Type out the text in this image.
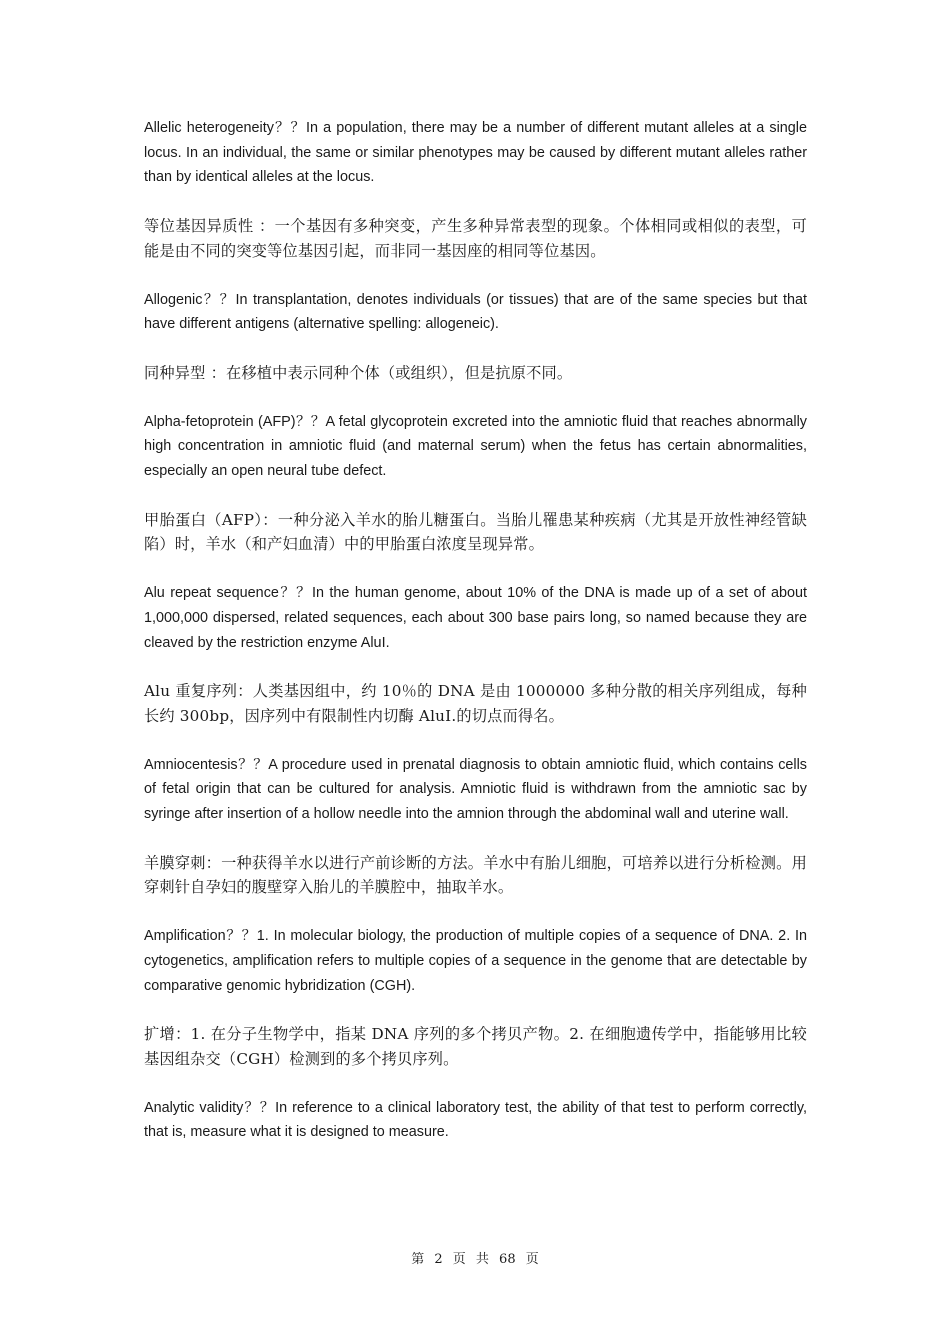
Allelic heterogeneity？？In a population, there may be a number of different mutant alleles at a single locus. In an individual, the same or similar phenotypes may be caused by different mutant alleles rather than by identical alleles at the locus.

等位基因异质性 ：一个基因有多种突变，产生多种异常表型的现象。个体相同或相似的表型，可能是由不同的突变等位基因引起，而非同一基因座的相同等位基因。

Allogenic？？In transplantation, denotes individuals (or tissues) that are of the same species but that have different antigens (alternative spelling: allogeneic).

同种异型 ：在移植中表示同种个体（或组织），但是抗原不同。

Alpha-fetoprotein (AFP)？？A fetal glycoprotein excreted into the amniotic fluid that reaches abnormally high concentration in amniotic fluid (and maternal serum) when the fetus has certain abnormalities, especially an open neural tube defect.

甲胎蛋白（AFP）：一种分泌入羊水的胎儿糖蛋白。当胎儿罹患某种疾病（尤其是开放性神经管缺陷）时，羊水（和产妇血清）中的甲胎蛋白浓度呈现异常。

Alu repeat sequence？？In the human genome, about 10% of the DNA is made up of a set of about 1,000,000 dispersed, related sequences, each about 300 base pairs long, so named because they are cleaved by the restriction enzyme AluI.

Alu 重复序列：人类基因组中，约 10％的 DNA 是由 1000000 多种分散的相关序列组成，每种长约 300bp，因序列中有限制性内切酶 AluI.的切点而得名。

Amniocentesis？？A procedure used in prenatal diagnosis to obtain amniotic fluid, which contains cells of fetal origin that can be cultured for analysis. Amniotic fluid is withdrawn from the amniotic sac by syringe after insertion of a hollow needle into the amnion through the abdominal wall and uterine wall.

羊膜穿刺：一种获得羊水以进行产前诊断的方法。羊水中有胎儿细胞，可培养以进行分析检测。用穿刺针自孕妇的腹壁穿入胎儿的羊膜腔中，抽取羊水。

Amplification？？1. In molecular biology, the production of multiple copies of a sequence of DNA. 2. In cytogenetics, amplification refers to multiple copies of a sequence in the genome that are detectable by comparative genomic hybridization (CGH).

扩增：1. 在分子生物学中，指某 DNA 序列的多个拷贝产物。2. 在细胞遗传学中，指能够用比较基因组杂交（CGH）检测到的多个拷贝序列。

Analytic validity？？In reference to a clinical laboratory test, the ability of that test to perform correctly, that is, measure what it is designed to measure.

第 2 页 共 68 页
